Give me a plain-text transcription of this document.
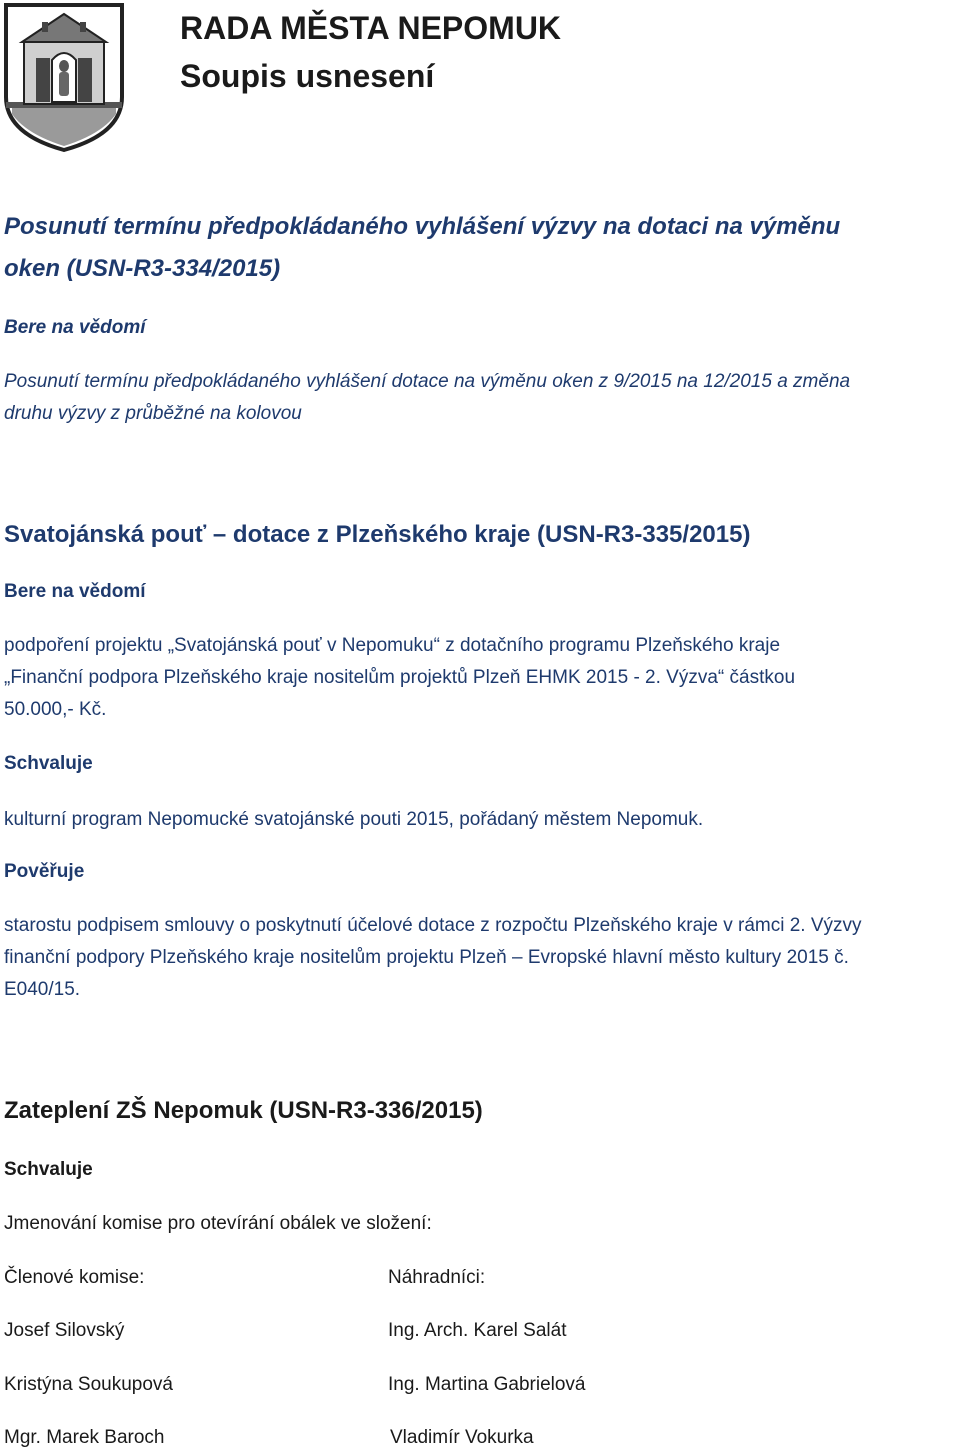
RADA MĚSTA NEPOMUK
Soupis usnesení
Posunutí termínu předpokládaného vyhlášení výzvy na dotaci na výměnu
oken (USN-R3-334/2015)
Bere na vědomí
Posunutí termínu předpokládaného vyhlášení dotace na výměnu oken z 9/2015 na 12/2015 a změna
druhu výzvy z průběžné na kolovou
Svatojánská pouť – dotace z Plzeňského kraje (USN-R3-335/2015)
Bere na vědomí
podpoření projektu „Svatojánská pouť v Nepomuku“ z dotačního programu Plzeňského kraje
„Finanční podpora Plzeňského kraje nositelům projektů Plzeň EHMK 2015 - 2. Výzva“ částkou
50.000,- Kč.
Schvaluje
kulturní program Nepomucké svatojánské pouti 2015, pořádaný městem Nepomuk.
Pověřuje
starostu podpisem smlouvy o poskytnutí účelové dotace z rozpočtu Plzeňského kraje v rámci 2. Výzvy
finanční podpory Plzeňského kraje nositelům projektu Plzeň – Evropské hlavní město kultury 2015 č.
E040/15.
Zateplení ZŠ Nepomuk (USN-R3-336/2015)
Schvaluje
Jmenování komise pro otevírání obálek ve složení:
Členové komise:	Náhradníci:
Josef Silovský	Ing. Arch. Karel Salát
Kristýna Soukupová	Ing. Martina Gabrielová
Mgr. Marek Baroch	Vladimír Vokurka
